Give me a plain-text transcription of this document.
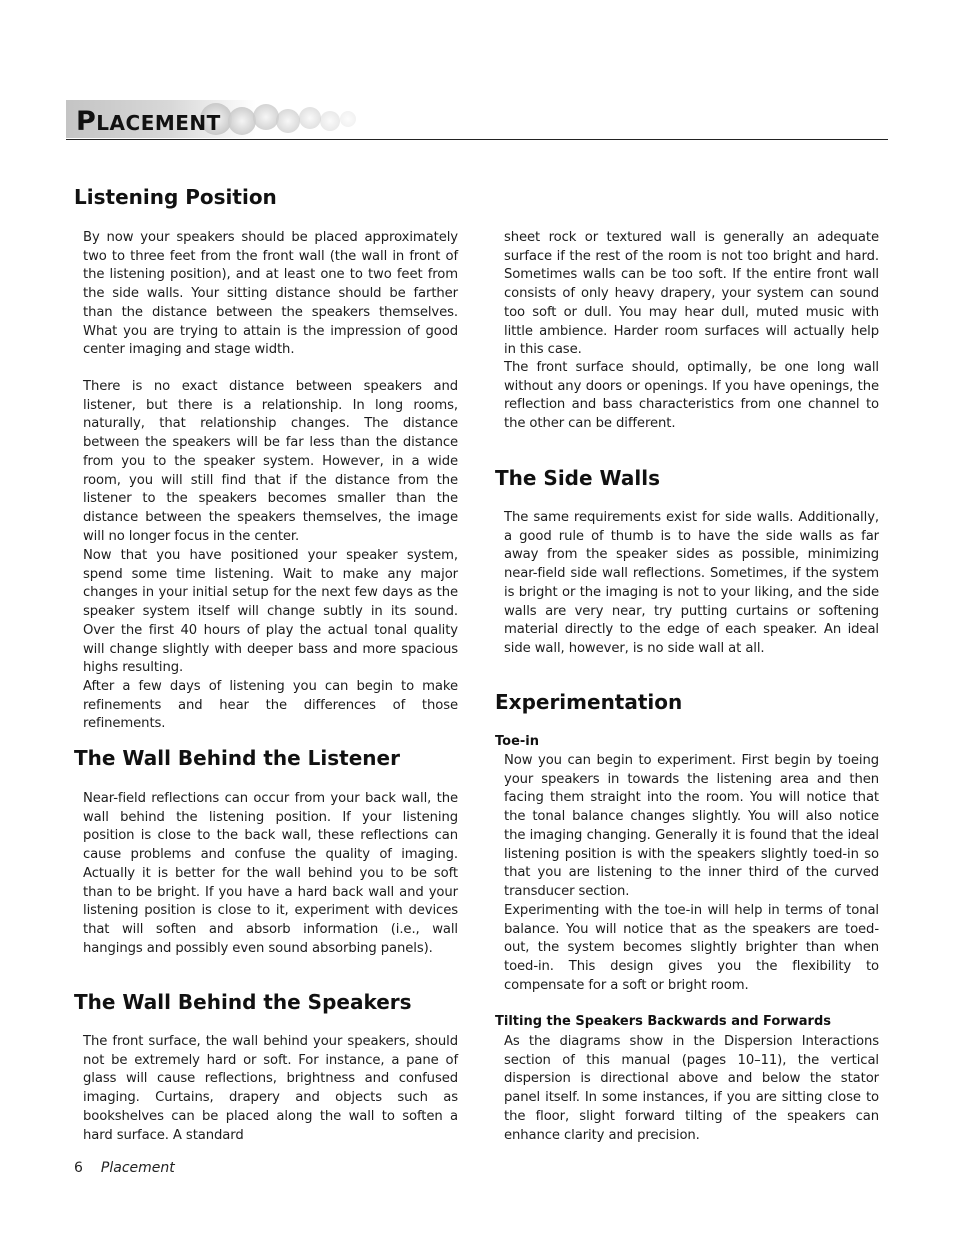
PLACEMENT
Listening Position

By now your speakers should be placed approximately two to three feet from the front wall (the wall in front of the listening position), and at least one to two feet from the side walls. Your sitting distance should be farther than the distance between the speakers themselves. What you are trying to attain is the impression of good center imaging and stage width.

There is no exact distance between speakers and listener, but there is a relationship. In long rooms, naturally, that relationship changes. The distance between the speakers will be far less than the distance from you to the speaker system. However, in a wide room, you will still find that if the distance from the listener to the speakers becomes smaller than the distance between the speakers themselves, the image will no longer focus in the center.

Now that you have positioned your speaker system, spend some time listening. Wait to make any major changes in your initial setup for the next few days as the speaker system itself will change subtly in its sound. Over the first 40 hours of play the actual tonal quality will change slightly with deeper bass and more spacious highs resulting.

After a few days of listening you can begin to make refinements and hear the differences of those refinements.

The Wall Behind the Listener

Near-field reflections can occur from your back wall, the wall behind the listening position. If your listening position is close to the back wall, these reflections can cause problems and confuse the quality of imaging. Actually it is better for the wall behind you to be soft than to be bright. If you have a hard back wall and your listening position is close to it, experiment with devices that will soften and absorb information (i.e., wall hangings and possibly even sound absorbing panels).

The Wall Behind the Speakers

The front surface, the wall behind your speakers, should not be extremely hard or soft. For instance, a pane of glass will cause reflections, brightness and confused imaging. Curtains, drapery and objects such as bookshelves can be placed along the wall to soften a hard surface. A standard

sheet rock or textured wall is generally an adequate surface if the rest of the room is not too bright and hard. Sometimes walls can be too soft. If the entire front wall consists of only heavy drapery, your system can sound too soft or dull. You may hear dull, muted music with little ambience. Harder room surfaces will actually help in this case.

The front surface should, optimally, be one long wall without any doors or openings. If you have openings, the reflection and bass characteristics from one channel to the other can be different.

The Side Walls

The same requirements exist for side walls. Additionally, a good rule of thumb is to have the side walls as far away from the speaker sides as possible, minimizing near-field side wall reflections. Sometimes, if the system is bright or the imaging is not to your liking, and the side walls are very near, try putting curtains or softening material directly to the edge of each speaker. An ideal side wall, however, is no side wall at all.

Experimentation
Toe-in

Now you can begin to experiment. First begin by toeing your speakers in towards the listening area and then facing them straight into the room. You will notice that the tonal balance changes slightly. You will also notice the imaging changing. Generally it is found that the ideal listening position is with the speakers slightly toed-in so that you are listening to the inner third of the curved transducer section.

Experimenting with the toe-in will help in terms of tonal balance. You will notice that as the speakers are toed-out, the system becomes slightly brighter than when toed-in. This design gives you the flexibility to compensate for a soft or bright room.

Tilting the Speakers Backwards and Forwards

As the diagrams show in the Dispersion Interactions section of this manual (pages 10–11), the vertical dispersion is directional above and below the stator panel itself. In some instances, if you are sitting close to the floor, slight forward tilting of the speakers can enhance clarity and precision.

6 Placement
